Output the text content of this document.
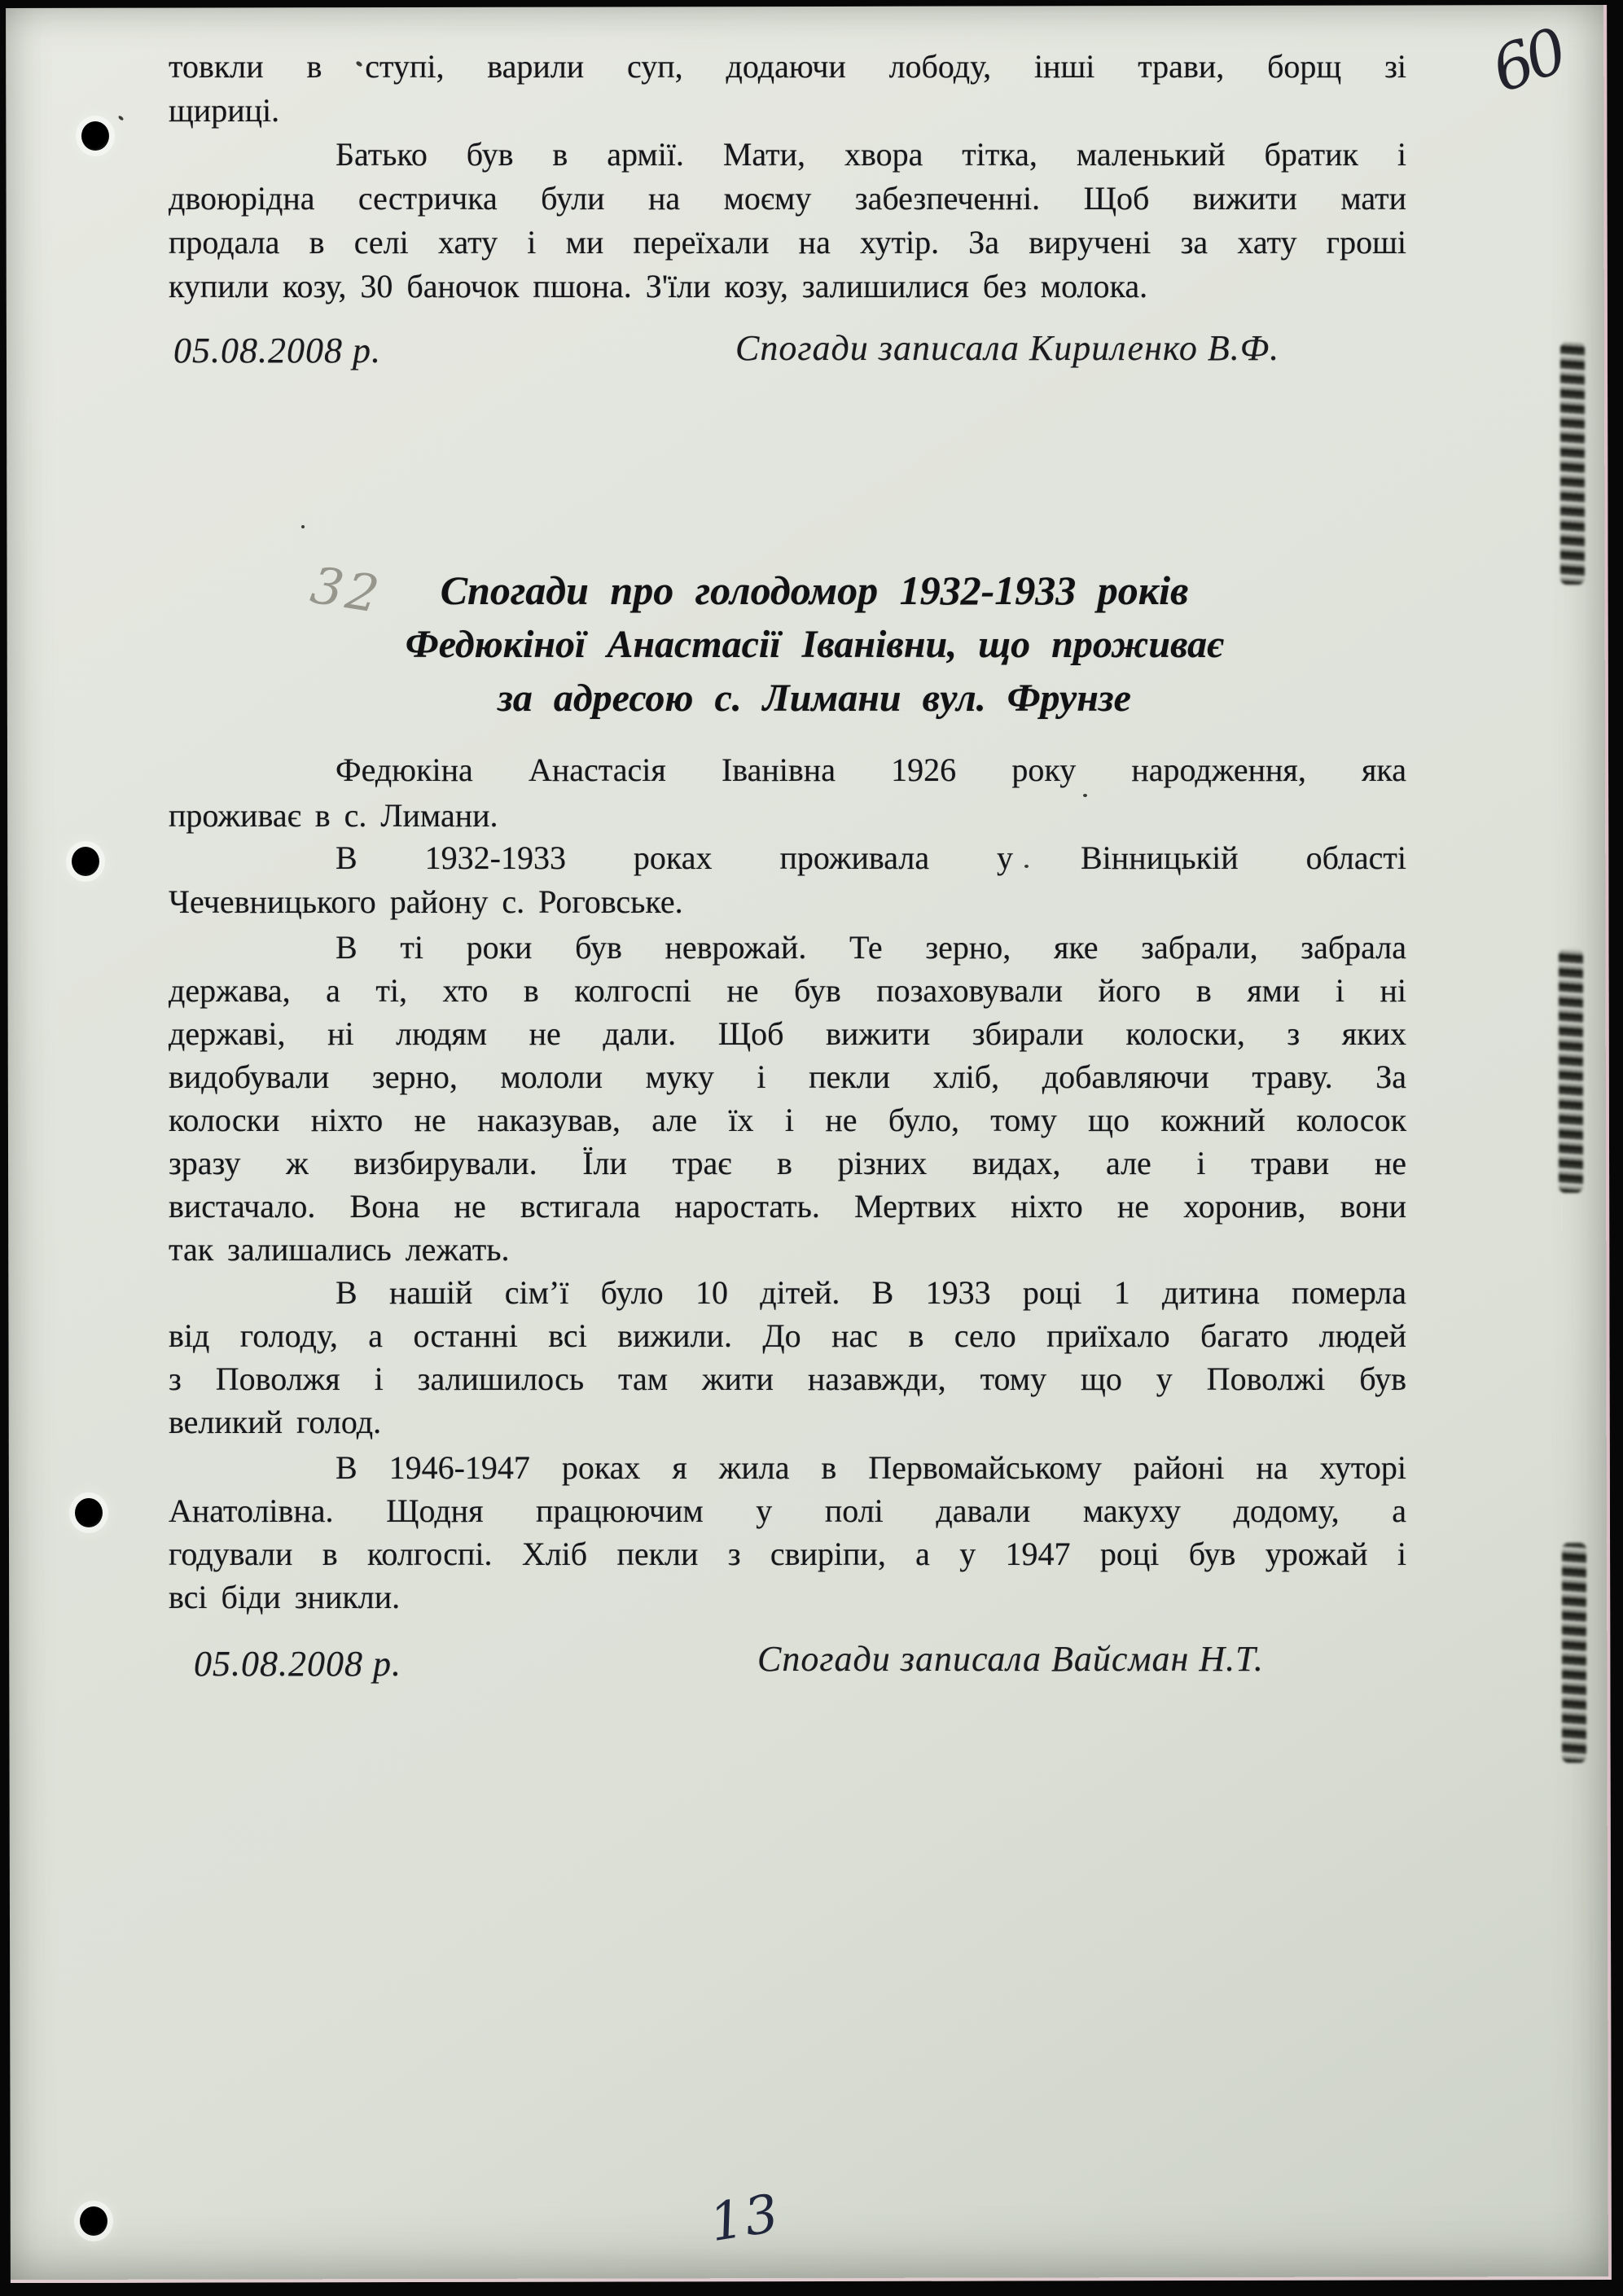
товкли в ступі, варили суп, додаючи лободу, інші трави, борщ зі
щириці.
Батько був в армії. Мати, хвора тітка, маленький братик і
двоюрідна сестричка були на моєму забезпеченні. Щоб вижити мати
продала в селі хату і ми переїхали на хутір. За виручені за хату гроші
купили козу, 30 баночок пшона. З'їли козу, залишилися без молока.
05.08.2008 р.	Спогади записала Кириленко В.Ф.
32	Спогади про голодомор 1932-1933 років
Федюкіної Анастасії Іванівни, що проживає
за адресою с. Лимани вул. Фрунзе
Федюкіна Анастасія Іванівна 1926 року народження, яка
проживає в с. Лимани.
В 1932-1933 роках проживала у Вінницькій області
Чечевницького району с. Роговське.
В ті роки був неврожай. Те зерно, яке забрали, забрала
держава, а ті, хто в колгоспі не був позаховували його в ями і ні
державі, ні людям не дали. Щоб вижити збирали колоски, з яких
видобували зерно, мололи муку і пекли хліб, добавляючи траву. За
колоски ніхто не наказував, але їх і не було, тому що кожний колосок
зразу ж визбирували. Їли трає в різних видах, але і трави не
вистачало. Вона не встигала наростать. Мертвих ніхто не хоронив, вони
так залишались лежать.
В нашій сім’ї було 10 дітей. В 1933 році 1 дитина померла
від голоду, а останні всі вижили. До нас в село приїхало багато людей
з Поволжя і залишилось там жити назавжди, тому що у Поволжі був
великий голод.
В 1946-1947 роках я жила в Первомайському районі на хуторі
Анатолівна. Щодня працюючим у полі давали макуху додому, а
годували в колгоспі. Хліб пекли з свиріпи, а у 1947 році був урожай і
всі біди зникли.
05.08.2008 р.	Спогади записала Вайсман Н.Т.
60
13
